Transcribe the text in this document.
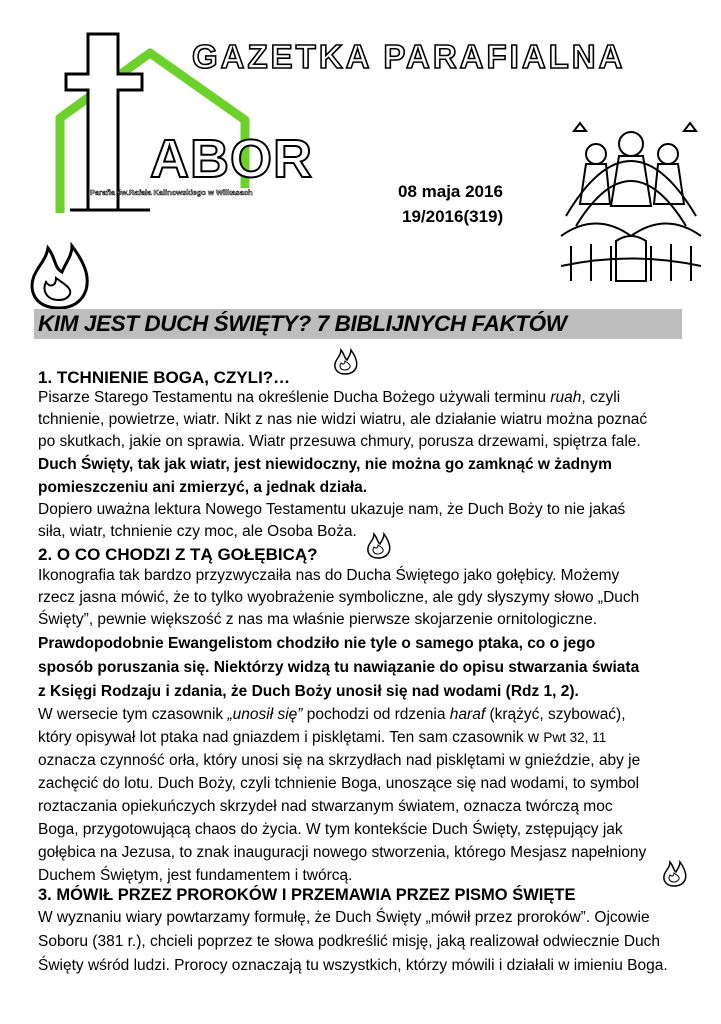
GAZETKA PARAFIALNA
ABOR
Parafia św.Rafała Kalinowskiego w Wilkasach	08 maja 2016
19/2016(319)
KIM JEST DUCH ŚWIĘTY? 7 BIBLIJNYCH FAKTÓW
1. TCHNIENIE BOGA, CZYLI?…
Pisarze Starego Testamentu na określenie Ducha Bożego używali terminu ruah, czyli
tchnienie, powietrze, wiatr. Nikt z nas nie widzi wiatru, ale działanie wiatru można poznać
po skutkach, jakie on sprawia. Wiatr przesuwa chmury, porusza drzewami, spiętrza fale.
Duch Święty, tak jak wiatr, jest niewidoczny, nie można go zamknąć w żadnym
pomieszczeniu ani zmierzyć, a jednak działa.
Dopiero uważna lektura Nowego Testamentu ukazuje nam, że Duch Boży to nie jakaś
siła, wiatr, tchnienie czy moc, ale Osoba Boża.
2. O CO CHODZI Z TĄ GOŁĘBICĄ?
Ikonografia tak bardzo przyzwyczaiła nas do Ducha Świętego jako gołębicy. Możemy
rzecz jasna mówić, że to tylko wyobrażenie symboliczne, ale gdy słyszymy słowo „Duch
Święty”, pewnie większość z nas ma właśnie pierwsze skojarzenie ornitologiczne.
Prawdopodobnie Ewangelistom chodziło nie tyle o samego ptaka, co o jego
sposób poruszania się. Niektórzy widzą tu nawiązanie do opisu stwarzania świata
z Księgi Rodzaju i zdania, że Duch Boży unosił się nad wodami (Rdz 1, 2).
W wersecie tym czasownik „unosił się” pochodzi od rdzenia haraf (krążyć, szybować),
który opisywał lot ptaka nad gniazdem i pisklętami. Ten sam czasownik w Pwt 32, 11
oznacza czynność orła, który unosi się na skrzydłach nad pisklętami w gnieździe, aby je
zachęcić do lotu. Duch Boży, czyli tchnienie Boga, unoszące się nad wodami, to symbol
roztaczania opiekuńczych skrzydeł nad stwarzanym światem, oznacza twórczą moc
Boga, przygotowującą chaos do życia. W tym kontekście Duch Święty, zstępujący jak
gołębica na Jezusa, to znak inauguracji nowego stworzenia, którego Mesjasz napełniony
Duchem Świętym, jest fundamentem i twórcą.
3. MÓWIŁ PRZEZ PROROKÓW I PRZEMAWIA PRZEZ PISMO ŚWIĘTE
W wyznaniu wiary powtarzamy formułę, że Duch Święty „mówił przez proroków”. Ojcowie
Soboru (381 r.), chcieli poprzez te słowa podkreślić misję, jaką realizował odwiecznie Duch
Święty wśród ludzi. Prorocy oznaczają tu wszystkich, którzy mówili i działali w imieniu Boga.
